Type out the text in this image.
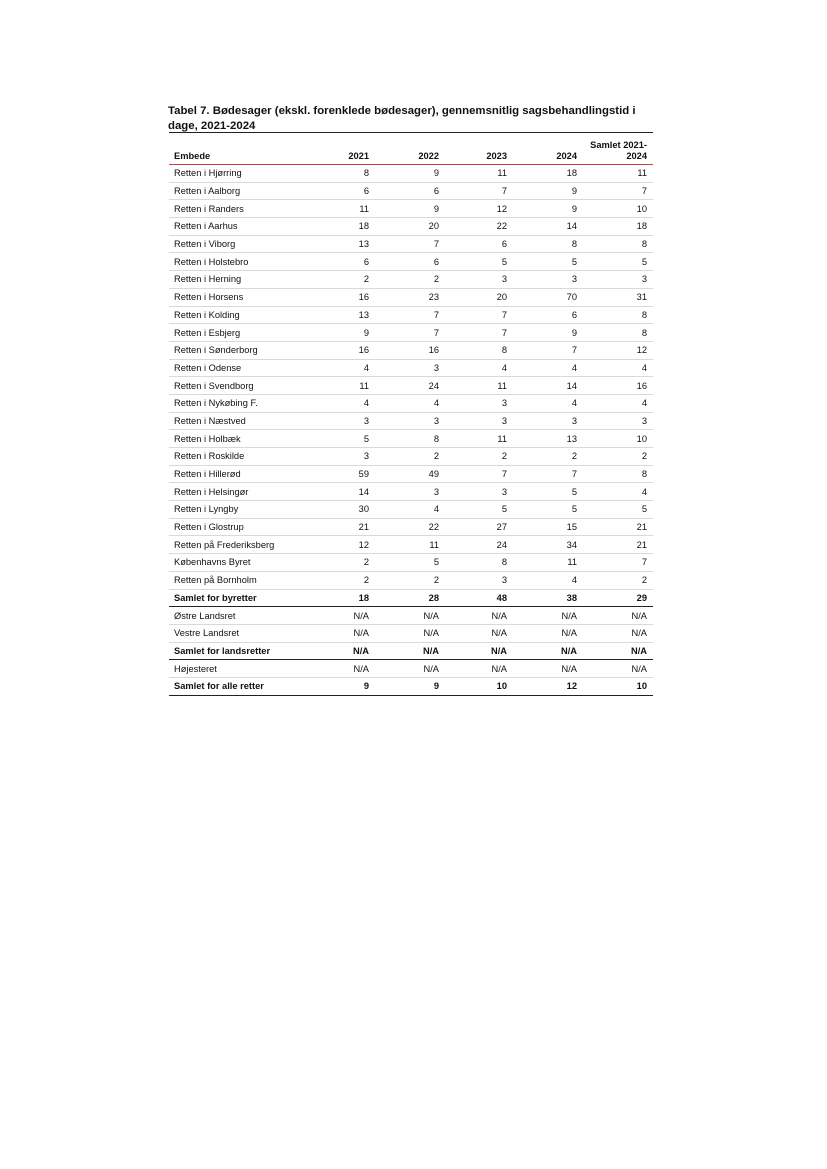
Tabel 7. Bødesager (ekskl. forenklede bødesager), gennemsnitlig sagsbehandlingstid i dage, 2021-2024
Embede	2021	2022	2023	2024	Samlet 2021-2024
Retten i Hjørring	8	9	11	18	11
Retten i Aalborg	6	6	7	9	7
Retten i Randers	11	9	12	9	10
Retten i Aarhus	18	20	22	14	18
Retten i Viborg	13	7	6	8	8
Retten i Holstebro	6	6	5	5	5
Retten i Herning	2	2	3	3	3
Retten i Horsens	16	23	20	70	31
Retten i Kolding	13	7	7	6	8
Retten i Esbjerg	9	7	7	9	8
Retten i Sønderborg	16	16	8	7	12
Retten i Odense	4	3	4	4	4
Retten i Svendborg	11	24	11	14	16
Retten i Nykøbing F.	4	4	3	4	4
Retten i Næstved	3	3	3	3	3
Retten i Holbæk	5	8	11	13	10
Retten i Roskilde	3	2	2	2	2
Retten i Hillerød	59	49	7	7	8
Retten i Helsingør	14	3	3	5	4
Retten i Lyngby	30	4	5	5	5
Retten i Glostrup	21	22	27	15	21
Retten på Frederiksberg	12	11	24	34	21
Københavns Byret	2	5	8	11	7
Retten på Bornholm	2	2	3	4	2
Samlet for byretter	18	28	48	38	29
Østre Landsret	N/A	N/A	N/A	N/A	N/A
Vestre Landsret	N/A	N/A	N/A	N/A	N/A
Samlet for landsretter	N/A	N/A	N/A	N/A	N/A
Højesteret	N/A	N/A	N/A	N/A	N/A
Samlet for alle retter	9	9	10	12	10
